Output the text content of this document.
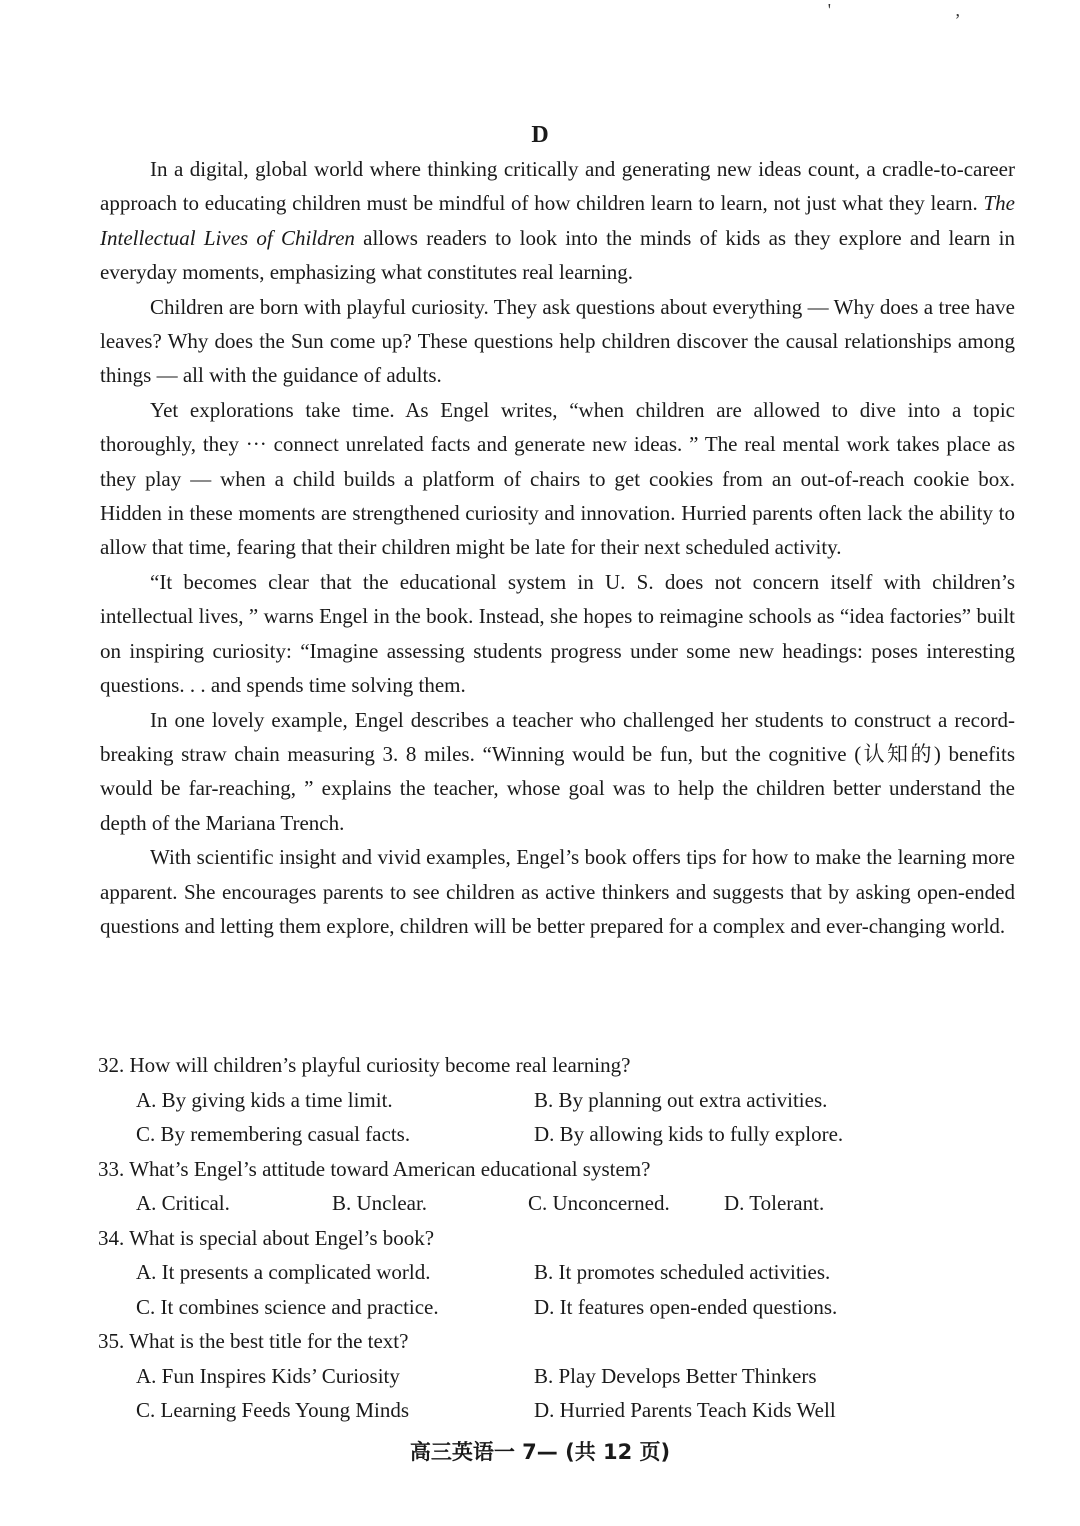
' ,
D

In a digital, global world where thinking critically and generating new ideas count, a cradle-to-career approach to educating children must be mindful of how children learn to learn, not just what they learn. The Intellectual Lives of Children allows readers to look into the minds of kids as they explore and learn in everyday moments, emphasizing what constitutes real learning.

Children are born with playful curiosity. They ask questions about everything — Why does a tree have leaves? Why does the Sun come up? These questions help children discover the causal relationships among things — all with the guidance of adults.

Yet explorations take time. As Engel writes, “when children are allowed to dive into a topic thoroughly, they ··· connect unrelated facts and generate new ideas. ” The real mental work takes place as they play — when a child builds a platform of chairs to get cookies from an out-of-reach cookie box. Hidden in these moments are strengthened curiosity and innovation. Hurried parents often lack the ability to allow that time, fearing that their children might be late for their next scheduled activity.

“It becomes clear that the educational system in U. S. does not concern itself with children’s intellectual lives, ” warns Engel in the book. Instead, she hopes to reimagine schools as “idea factories” built on inspiring curiosity: “Imagine assessing students progress under some new headings: poses interesting questions. . . and spends time solving them.

In one lovely example, Engel describes a teacher who challenged her students to construct a record-breaking straw chain measuring 3. 8 miles. “Winning would be fun, but the cognitive (认知的) benefits would be far-reaching, ” explains the teacher, whose goal was to help the children better understand the depth of the Mariana Trench.

With scientific insight and vivid examples, Engel’s book offers tips for how to make the learning more apparent. She encourages parents to see children as active thinkers and suggests that by asking open-ended questions and letting them explore, children will be better prepared for a complex and ever-changing world.

32. How will children’s playful curiosity become real learning?

A. By giving kids a time limit.	B. By planning out extra activities.
C. By remembering casual facts.	D. By allowing kids to fully explore.

33. What’s Engel’s attitude toward American educational system?

A. Critical.	B. Unclear.	C. Unconcerned.	D. Tolerant.

34. What is special about Engel’s book?

A. It presents a complicated world.	B. It promotes scheduled activities.
C. It combines science and practice.	D. It features open-ended questions.

35. What is the best title for the text?

A. Fun Inspires Kids’ Curiosity	B. Play Develops Better Thinkers
C. Learning Feeds Young Minds	D. Hurried Parents Teach Kids Well
高三英语一 7— (共 12 页)
